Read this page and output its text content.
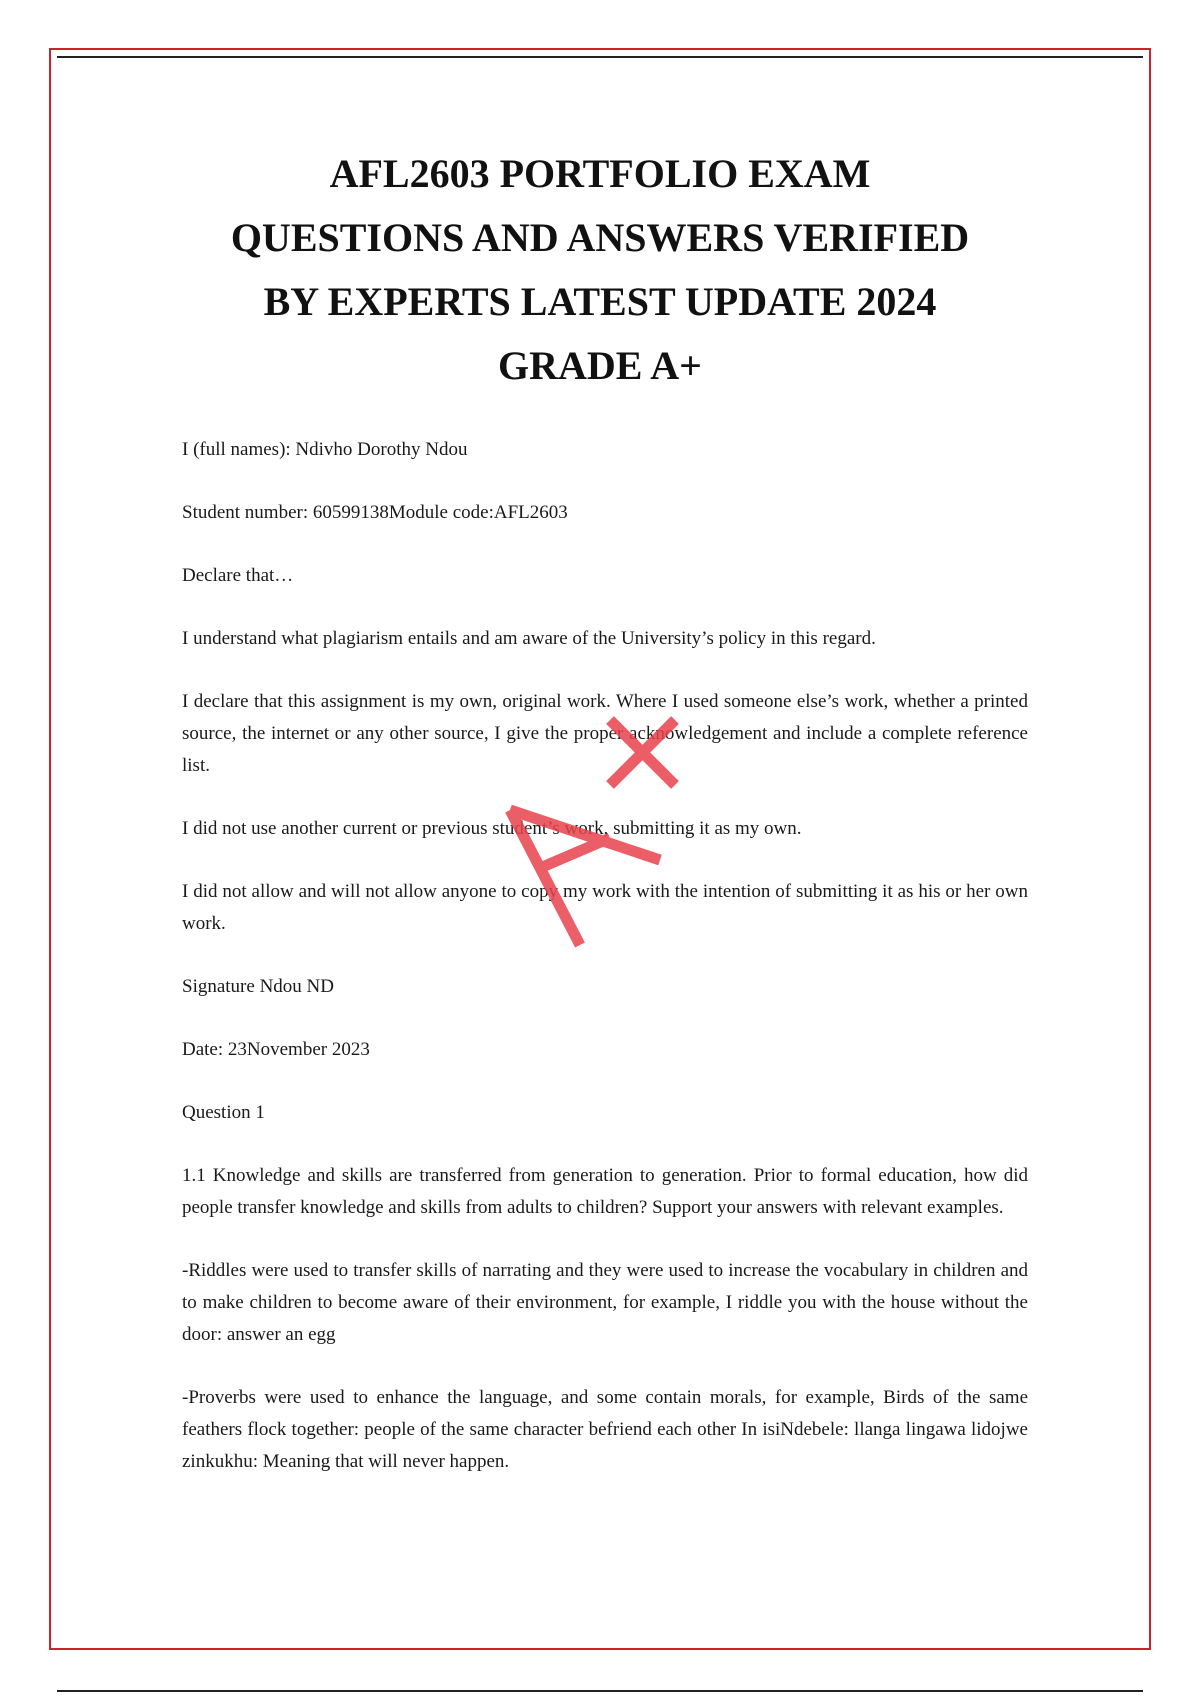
AFL2603 PORTFOLIO EXAM
QUESTIONS AND ANSWERS VERIFIED
BY EXPERTS LATEST UPDATE 2024
GRADE A+

I (full names): Ndivho Dorothy Ndou

Student number: 60599138Module code:AFL2603

Declare that…

I understand what plagiarism entails and am aware of the University’s policy in this regard.

I declare that this assignment is my own, original work. Where I used someone else’s work, whether a printed source, the internet or any other source, I give the proper acknowledgement and include a complete reference list.

I did not use another current or previous student’s work, submitting it as my own.

I did not allow and will not allow anyone to copy my work with the intention of submitting it as his or her own work.

Signature Ndou ND

Date: 23November 2023

Question 1

1.1 Knowledge and skills are transferred from generation to generation. Prior to formal education, how did people transfer knowledge and skills from adults to children? Support your answers with relevant examples.

-Riddles were used to transfer skills of narrating and they were used to increase the vocabulary in children and to make children to become aware of their environment, for example, I riddle you with the house without the door: answer an egg

-Proverbs were used to enhance the language, and some contain morals, for example, Birds of the same feathers flock together: people of the same character befriend each other In isiNdebele: llanga lingawa lidojwe zinkukhu: Meaning that will never happen.
